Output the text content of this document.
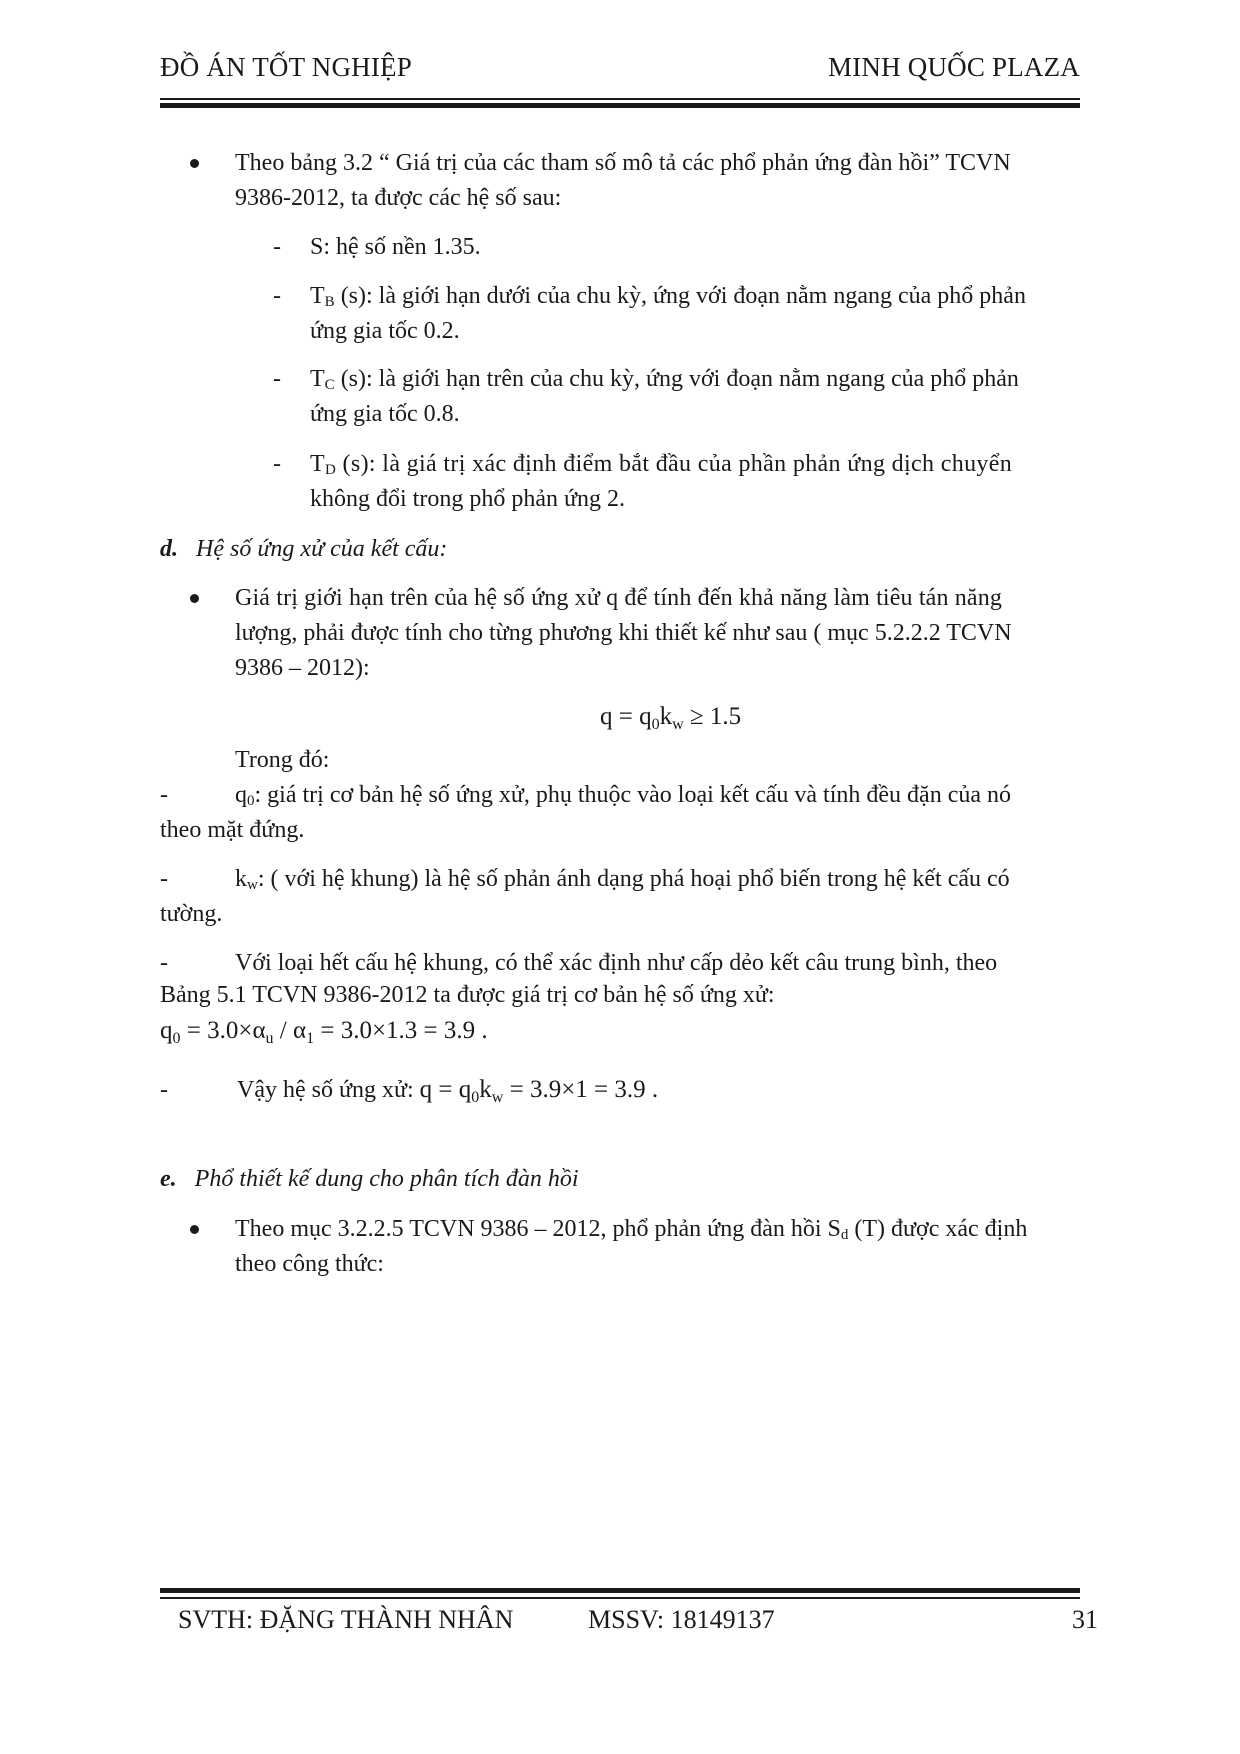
ĐỒ ÁN TỐT NGHIỆP	MINH QUỐC PLAZA
Theo bảng 3.2 “ Giá trị của các tham số mô tả các phổ phản ứng đàn hồi” TCVN
9386-2012, ta được các hệ số sau:
- S: hệ số nền 1.35.
- $T_B$ (s): là giới hạn dưới của chu kỳ, ứng với đoạn nằm ngang của phổ phản
ứng gia tốc 0.2.
- $T_C$ (s): là giới hạn trên của chu kỳ, ứng với đoạn nằm ngang của phổ phản
ứng gia tốc 0.8.
- $T_D$ (s): là giá trị xác định điểm bắt đầu của phần phản ứng dịch chuyển
không đổi trong phổ phản ứng 2.
d. Hệ số ứng xử của kết cấu:
Giá trị giới hạn trên của hệ số ứng xử q để tính đến khả năng làm tiêu tán năng
lượng, phải được tính cho từng phương khi thiết kế như sau ( mục 5.2.2.2 TCVN
9386 – 2012):
$q = q_0k_w \ge 1.5$
Trong đó:
-	$q_0$: giá trị cơ bản hệ số ứng xử, phụ thuộc vào loại kết cấu và tính đều đặn của nó
theo mặt đứng.
-	$k_w$: ( với hệ khung) là hệ số phản ánh dạng phá hoại phổ biến trong hệ kết cấu có
tường.
-	Với loại hết cấu hệ khung, có thể xác định như cấp dẻo kết câu trung bình, theo
Bảng 5.1 TCVN 9386-2012 ta được giá trị cơ bản hệ số ứng xử:
$q_0 = 3.0\times\alpha_u / \alpha_1 = 3.0\times 1.3 = 3.9$ .
-	Vậy hệ số ứng xử: $q = q_0k_w = 3.9\times 1 = 3.9$ .
e. Phổ thiết kế dung cho phân tích đàn hồi
Theo mục 3.2.2.5 TCVN 9386 – 2012, phổ phản ứng đàn hồi $S_d$ (T) được xác định
theo công thức:
SVTH: ĐẶNG THÀNH NHÂN	MSSV: 18149137	31
